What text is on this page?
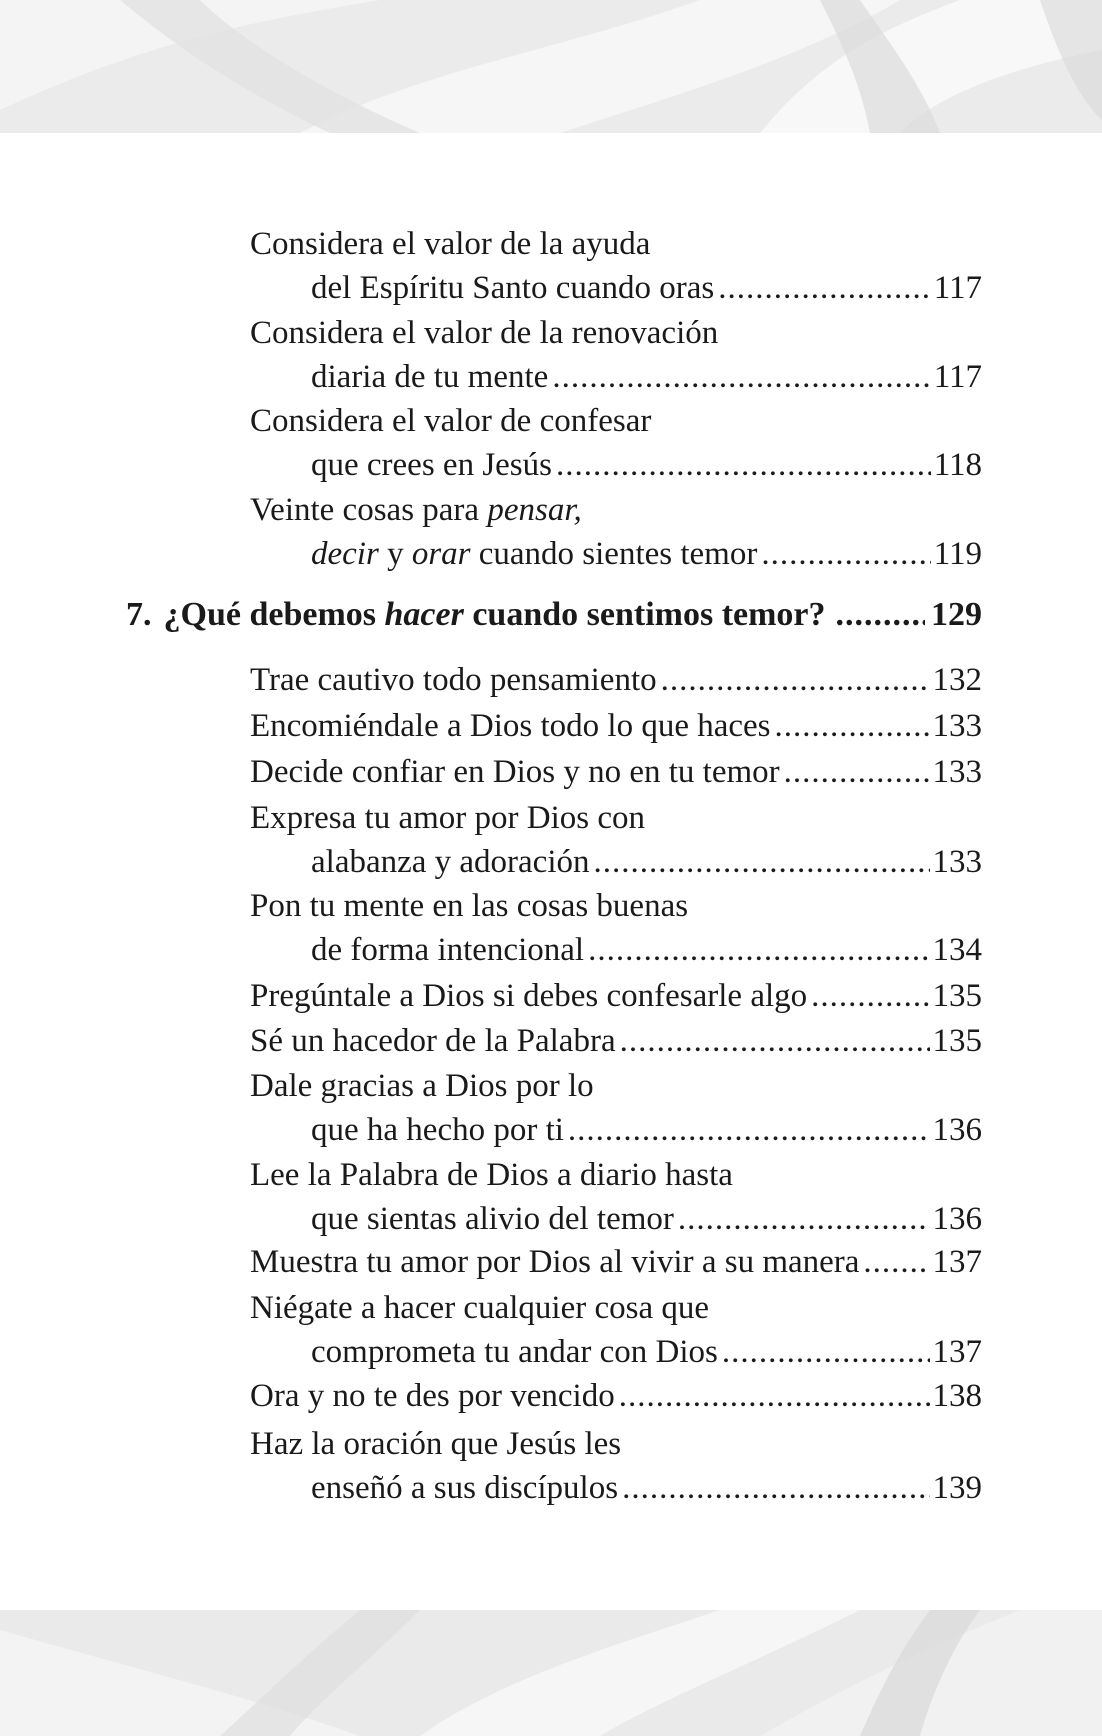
Considera el valor de la ayuda
del Espíritu Santo cuando oras .....	117
Considera el valor de la renovación
diaria de tu mente .....	117
Considera el valor de confesar
que crees en Jesús .....	118
Veinte cosas para pensar,
decir y orar cuando sientes temor .....	119
7. ¿Qué debemos hacer cuando sentimos temor? .....	129
Trae cautivo todo pensamiento .....	132
Encomiéndale a Dios todo lo que haces .....	133
Decide confiar en Dios y no en tu temor .....	133
Expresa tu amor por Dios con
alabanza y adoración .....	133
Pon tu mente en las cosas buenas
de forma intencional .....	134
Pregúntale a Dios si debes confesarle algo .....	135
Sé un hacedor de la Palabra .....	135
Dale gracias a Dios por lo
que ha hecho por ti .....	136
Lee la Palabra de Dios a diario hasta
que sientas alivio del temor .....	136
Muestra tu amor por Dios al vivir a su manera ..... 137
Niégate a hacer cualquier cosa que
comprometa tu andar con Dios .....	137
Ora y no te des por vencido .....	138
Haz la oración que Jesús les
enseñó a sus discípulos .....	139
